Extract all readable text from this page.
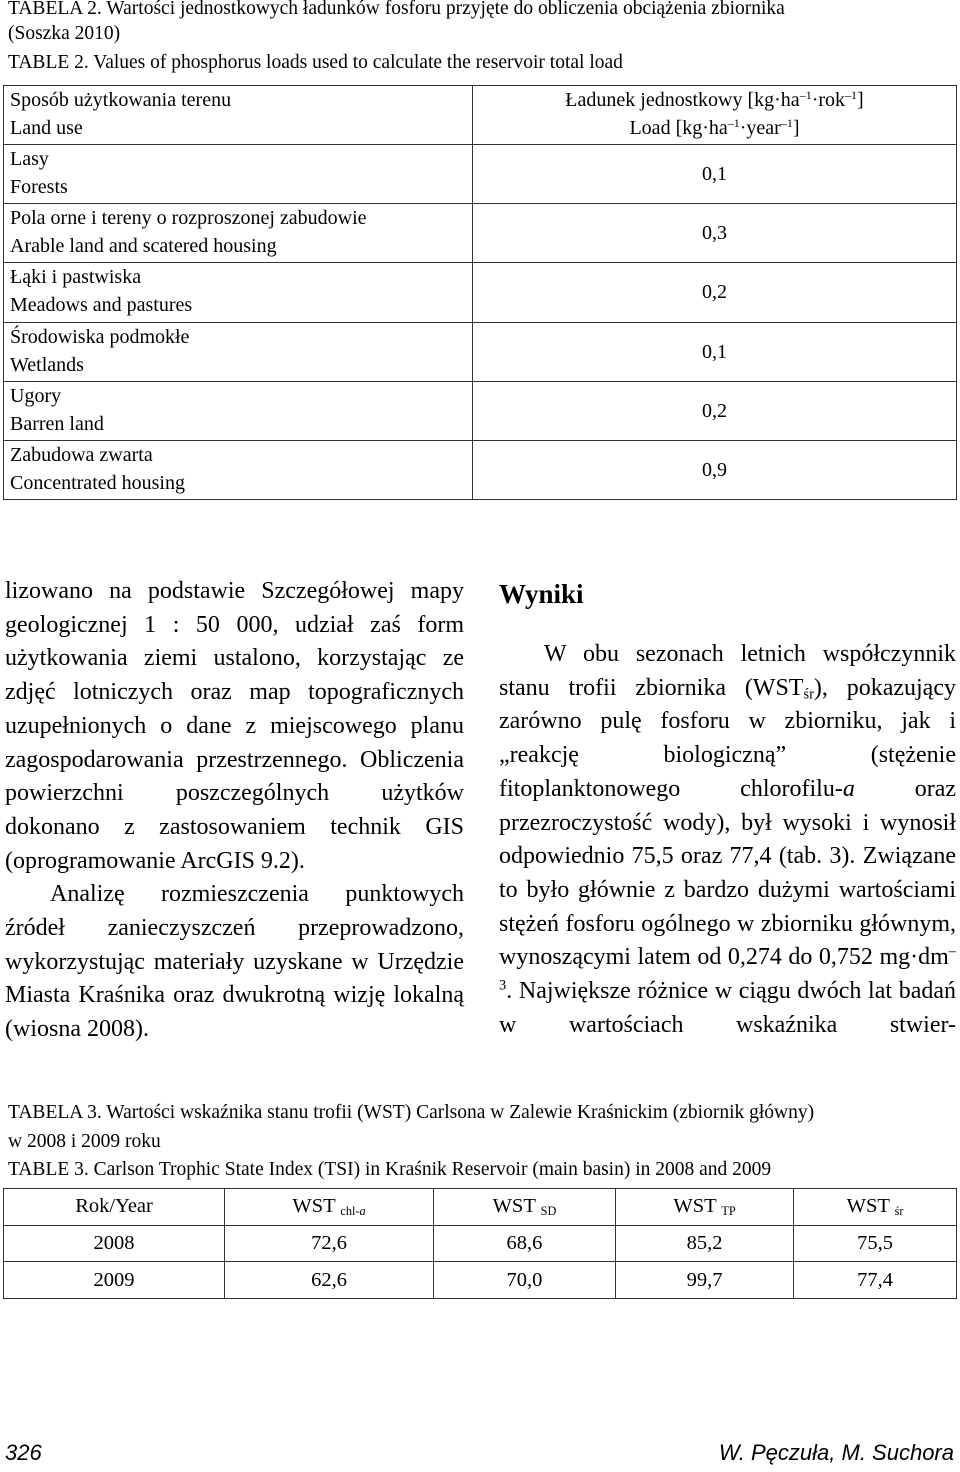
TABELA 2. Wartości jednostkowych ładunków fosforu przyjęte do obliczenia obciążenia zbiornika
(Soszka 2010)
TABLE 2. Values of phosphorus loads used to calculate the reservoir total load
Sposób użytkowania terenu
Land use	Ładunek jednostkowy $[kg\cdot ha^{-1}\cdot rok^{-1}]$
Load $[kg\cdot ha^{-1}\cdot year^{-1}]$

Lasy
Forests	0,1

Pola orne i tereny o rozproszonej zabudowie
Arable land and scatered housing	0,3

Łąki i pastwiska
Meadows and pastures	0,2

Środowiska podmokłe
Wetlands	0,1

Ugory
Barren land	0,2

Zabudowa zwarta
Concentrated housing	0,9

lizowano na podstawie Szczegółowej mapy geologicznej 1 : 50 000, udział zaś form użytkowania ziemi ustalono, korzystając ze zdjęć lotniczych oraz map topograficznych uzupełnionych o dane z miejscowego planu zagospodarowania przestrzennego. Obliczenia powierzchni poszczególnych użytków dokonano z zastosowaniem technik GIS (oprogramowanie ArcGIS 9.2).

Analizę rozmieszczenia punktowych źródeł zanieczyszczeń przeprowadzono, wykorzystując materiały uzyskane w Urzędzie Miasta Kraśnika oraz dwukrotną wizję lokalną (wiosna 2008).

Wyniki

W obu sezonach letnich współczynnik stanu trofii zbiornika $(WST_{śr})$, pokazujący zarówno pulę fosforu w zbiorniku, jak i „reakcję biologiczną” (stężenie fitoplanktonowego chlorofilu-a oraz przezroczystość wody), był wysoki i wynosił odpowiednio 75,5 oraz 77,4 (tab. 3). Związane to było głównie z bardzo dużymi wartościami stężeń fosforu ogólnego w zbiorniku głównym, wynoszącymi latem od 0,274 do 0,752 $mg\cdot dm^{-3}$. Największe różnice w ciągu dwóch lat badań w wartościach wskaźnika stwier-

TABELA 3. Wartości wskaźnika stanu trofii (WST) Carlsona w Zalewie Kraśnickim (zbiornik główny)
w 2008 i 2009 roku
TABLE 3. Carlson Trophic State Index (TSI) in Kraśnik Reservoir (main basin) in 2008 and 2009
Rok/Year	WST $_{chl-a}$	WST $_{SD}$	WST $_{TP}$	WST $_{śr}$
2008	72,6	68,6	85,2	75,5
2009	62,6	70,0	99,7	77,4
326	W. Pęczuła, M. Suchora
